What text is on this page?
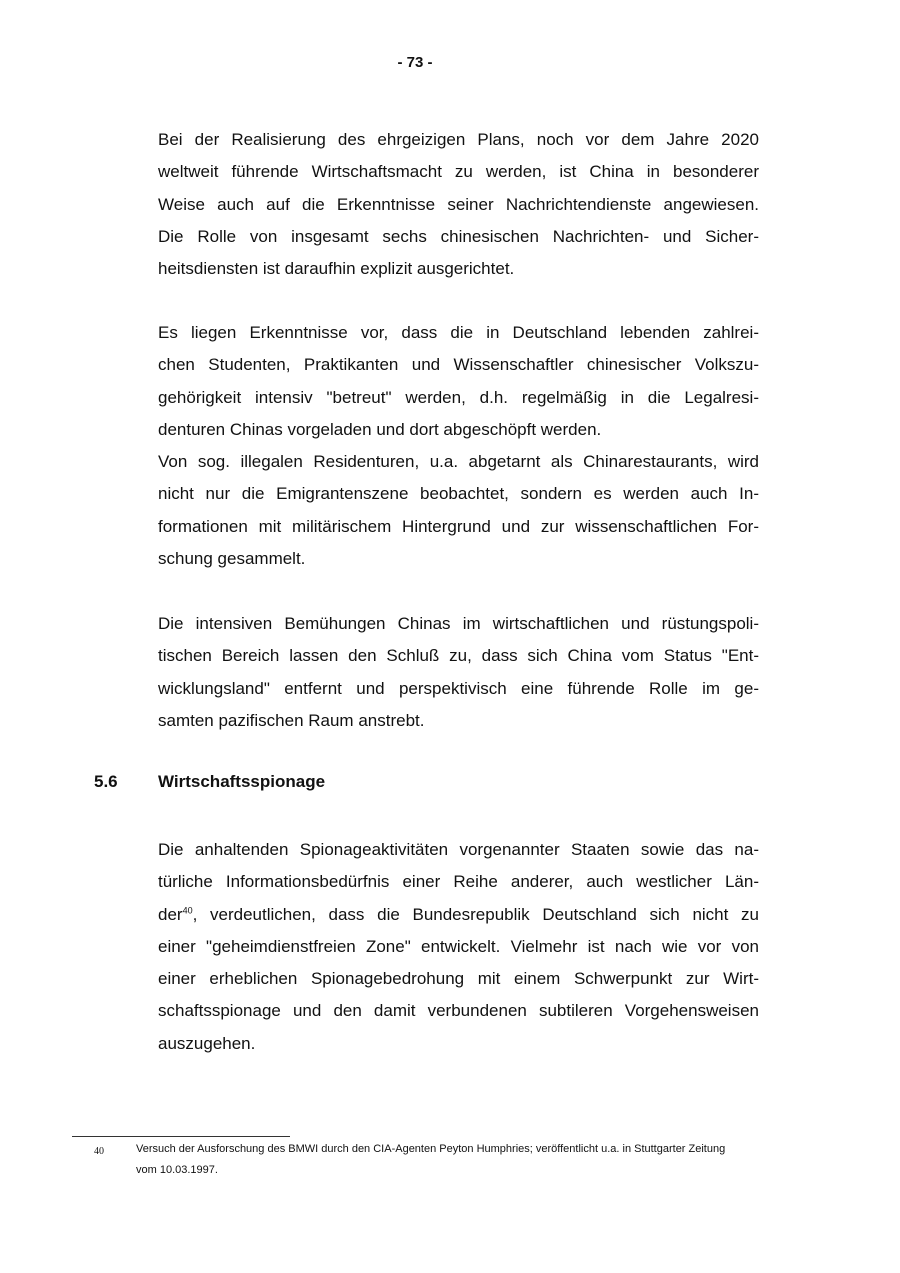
- 73 -

Bei der Realisierung des ehrgeizigen Plans, noch vor dem Jahre 2020

weltweit führende Wirtschaftsmacht zu werden, ist China in besonderer

Weise auch auf die Erkenntnisse seiner Nachrichtendienste angewiesen.

Die Rolle von insgesamt sechs chinesischen Nachrichten- und Sicher-

heitsdiensten ist daraufhin explizit ausgerichtet.

Es liegen Erkenntnisse vor, dass die in Deutschland lebenden zahlrei-

chen Studenten, Praktikanten und Wissenschaftler chinesischer Volkszu-

gehörigkeit intensiv "betreut" werden, d.h. regelmäßig in die Legalresi-

denturen Chinas vorgeladen und dort abgeschöpft werden.

Von sog. illegalen Residenturen, u.a. abgetarnt als Chinarestaurants, wird

nicht nur die Emigrantenszene beobachtet, sondern es werden auch In-

formationen mit militärischem Hintergrund und zur wissenschaftlichen For-

schung gesammelt.

Die intensiven Bemühungen Chinas im wirtschaftlichen und rüstungspoli-

tischen Bereich lassen den Schluß zu, dass sich China vom Status "Ent-

wicklungsland" entfernt und perspektivisch eine führende Rolle im ge-

samten pazifischen Raum anstrebt.

5.6 Wirtschaftsspionage

Die anhaltenden Spionageaktivitäten vorgenannter Staaten sowie das na-

türliche Informationsbedürfnis einer Reihe anderer, auch westlicher Län-

der$^{40}$, verdeutlichen, dass die Bundesrepublik Deutschland sich nicht zu

einer "geheimdienstfreien Zone" entwickelt. Vielmehr ist nach wie vor von

einer erheblichen Spionagebedrohung mit einem Schwerpunkt zur Wirt-

schaftsspionage und den damit verbundenen subtileren Vorgehensweisen

auszugehen.

40	Versuch der Ausforschung des BMWI durch den CIA-Agenten Peyton Humphries; veröffentlicht u.a. in Stuttgarter Zeitung
vom 10.03.1997.
